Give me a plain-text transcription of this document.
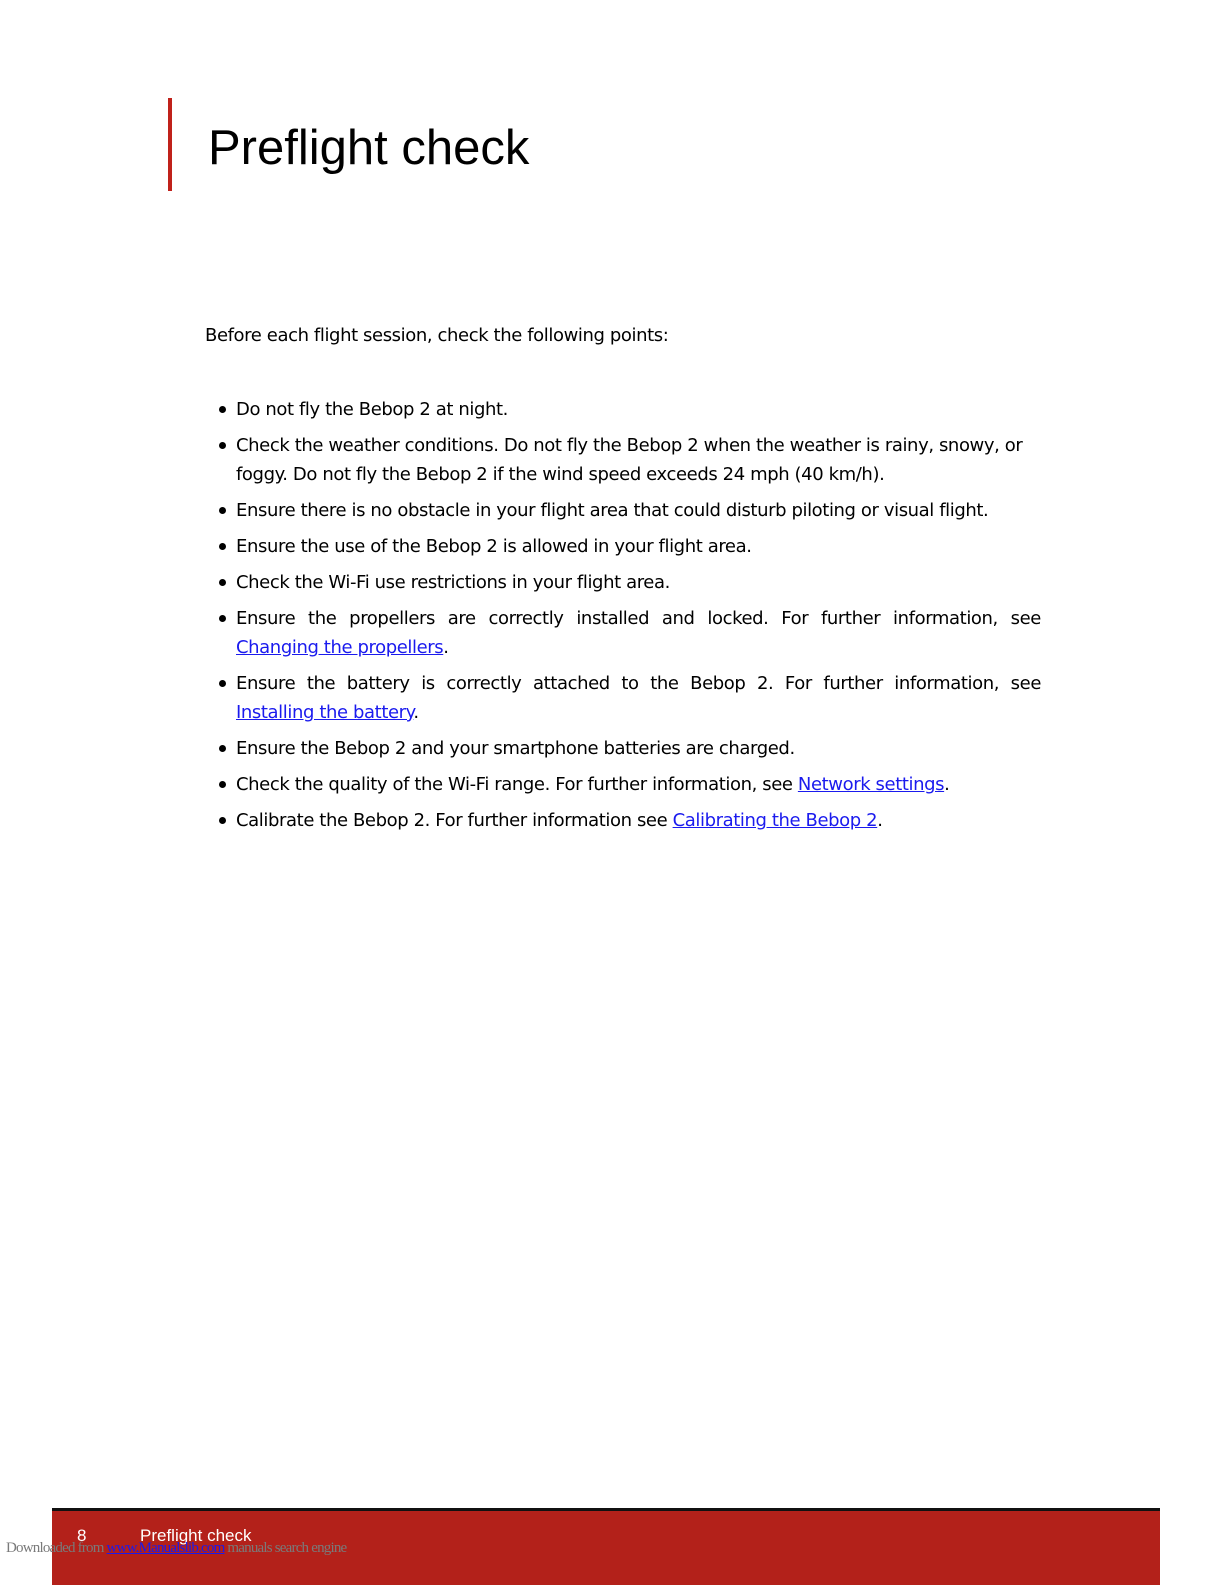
Preflight check

Before each flight session, check the following points:

Do not fly the Bebop 2 at night.
Check the weather conditions. Do not fly the Bebop 2 when the weather is rainy, snowy, or foggy. Do not fly the Bebop 2 if the wind speed exceeds 24 mph (40 km/h).
Ensure there is no obstacle in your flight area that could disturb piloting or visual flight.
Ensure the use of the Bebop 2 is allowed in your flight area.
Check the Wi-Fi use restrictions in your flight area.
Ensure the propellers are correctly installed and locked. For further information, see Changing the propellers.
Ensure the battery is correctly attached to the Bebop 2. For further information, see Installing the battery.
Ensure the Bebop 2 and your smartphone batteries are charged.
Check the quality of the Wi-Fi range. For further information, see Network settings.
Calibrate the Bebop 2. For further information see Calibrating the Bebop 2.
8	Preflight check
Downloaded from www.Manualslib.com manuals search engine
